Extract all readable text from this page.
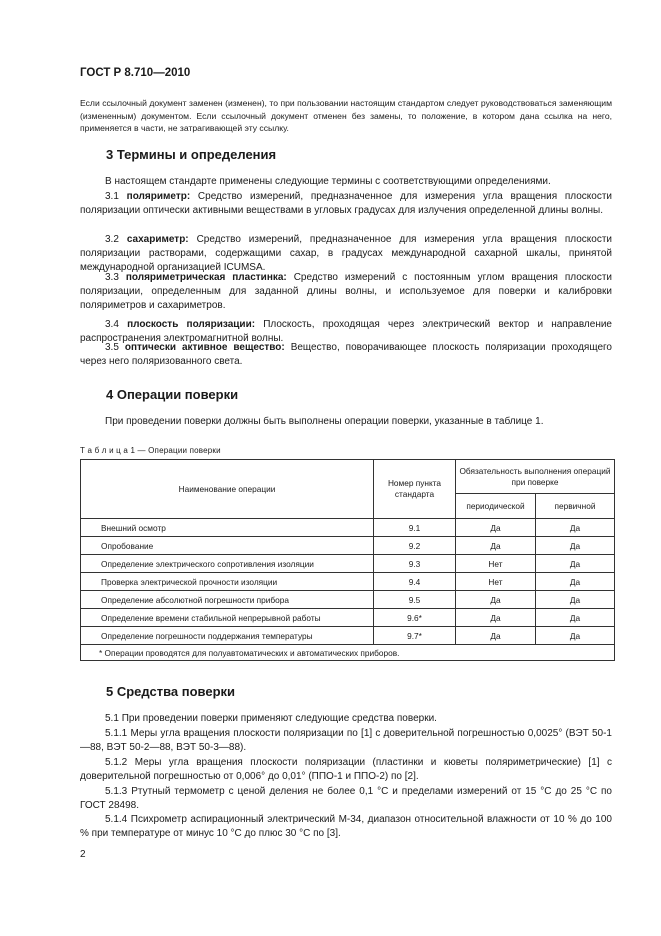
ГОСТ Р 8.710—2010
Если ссылочный документ заменен (изменен), то при пользовании настоящим стандартом следует руководствоваться заменяющим (измененным) документом. Если ссылочный документ отменен без замены, то положение, в котором дана ссылка на него, применяется в части, не затрагивающей эту ссылку.
3 Термины и определения
В настоящем стандарте применены следующие термины с соответствующими определениями.
3.1 поляриметр: Средство измерений, предназначенное для измерения угла вращения плоскости поляризации оптически активными веществами в угловых градусах для излучения определенной длины волны.
3.2 сахариметр: Средство измерений, предназначенное для измерения угла вращения плоскости поляризации растворами, содержащими сахар, в градусах международной сахарной шкалы, принятой международной организацией ICUMSA.
3.3 поляриметрическая пластинка: Средство измерений с постоянным углом вращения плоскости поляризации, определенным для заданной длины волны, и используемое для поверки и калибровки поляриметров и сахариметров.
3.4 плоскость поляризации: Плоскость, проходящая через электрический вектор и направление распространения электромагнитной волны.
3.5 оптически активное вещество: Вещество, поворачивающее плоскость поляризации проходящего через него поляризованного света.
4 Операции поверки
При проведении поверки должны быть выполнены операции поверки, указанные в таблице 1.
Т а б л и ц а 1 — Операции поверки
Наименование операции	Номер пункта стандарта	Обязательность выполнения операций при поверке	
		периодической	первичной
Внешний осмотр	9.1	Да	Да
Опробование	9.2	Да	Да
Определение электрического сопротивления изоляции	9.3	Нет	Да
Проверка электрической прочности изоляции	9.4	Нет	Да
Определение абсолютной погрешности прибора	9.5	Да	Да
Определение времени стабильной непрерывной работы	9.6*	Да	Да
Определение погрешности поддержания температуры	9.7*	Да	Да
* Операции проводятся для полуавтоматических и автоматических приборов.			
5 Средства поверки
5.1 При проведении поверки применяют следующие средства поверки.
5.1.1 Меры угла вращения плоскости поляризации по [1] с доверительной погрешностью 0,0025° (ВЭТ 50-1—88, ВЭТ 50-2—88, ВЭТ 50-3—88).
5.1.2 Меры угла вращения плоскости поляризации (пластинки и кюветы поляриметрические) [1] с доверительной погрешностью от 0,006° до 0,01° (ППО-1 и ППО-2) по [2].
5.1.3 Ртутный термометр с ценой деления не более 0,1 °С и пределами измерений от 15 °С до 25 °С по ГОСТ 28498.
5.1.4 Психрометр аспирационный электрический М-34, диапазон относительной влажности от 10 % до 100 % при температуре от минус 10 °С до плюс 30 °С по [3].
2
